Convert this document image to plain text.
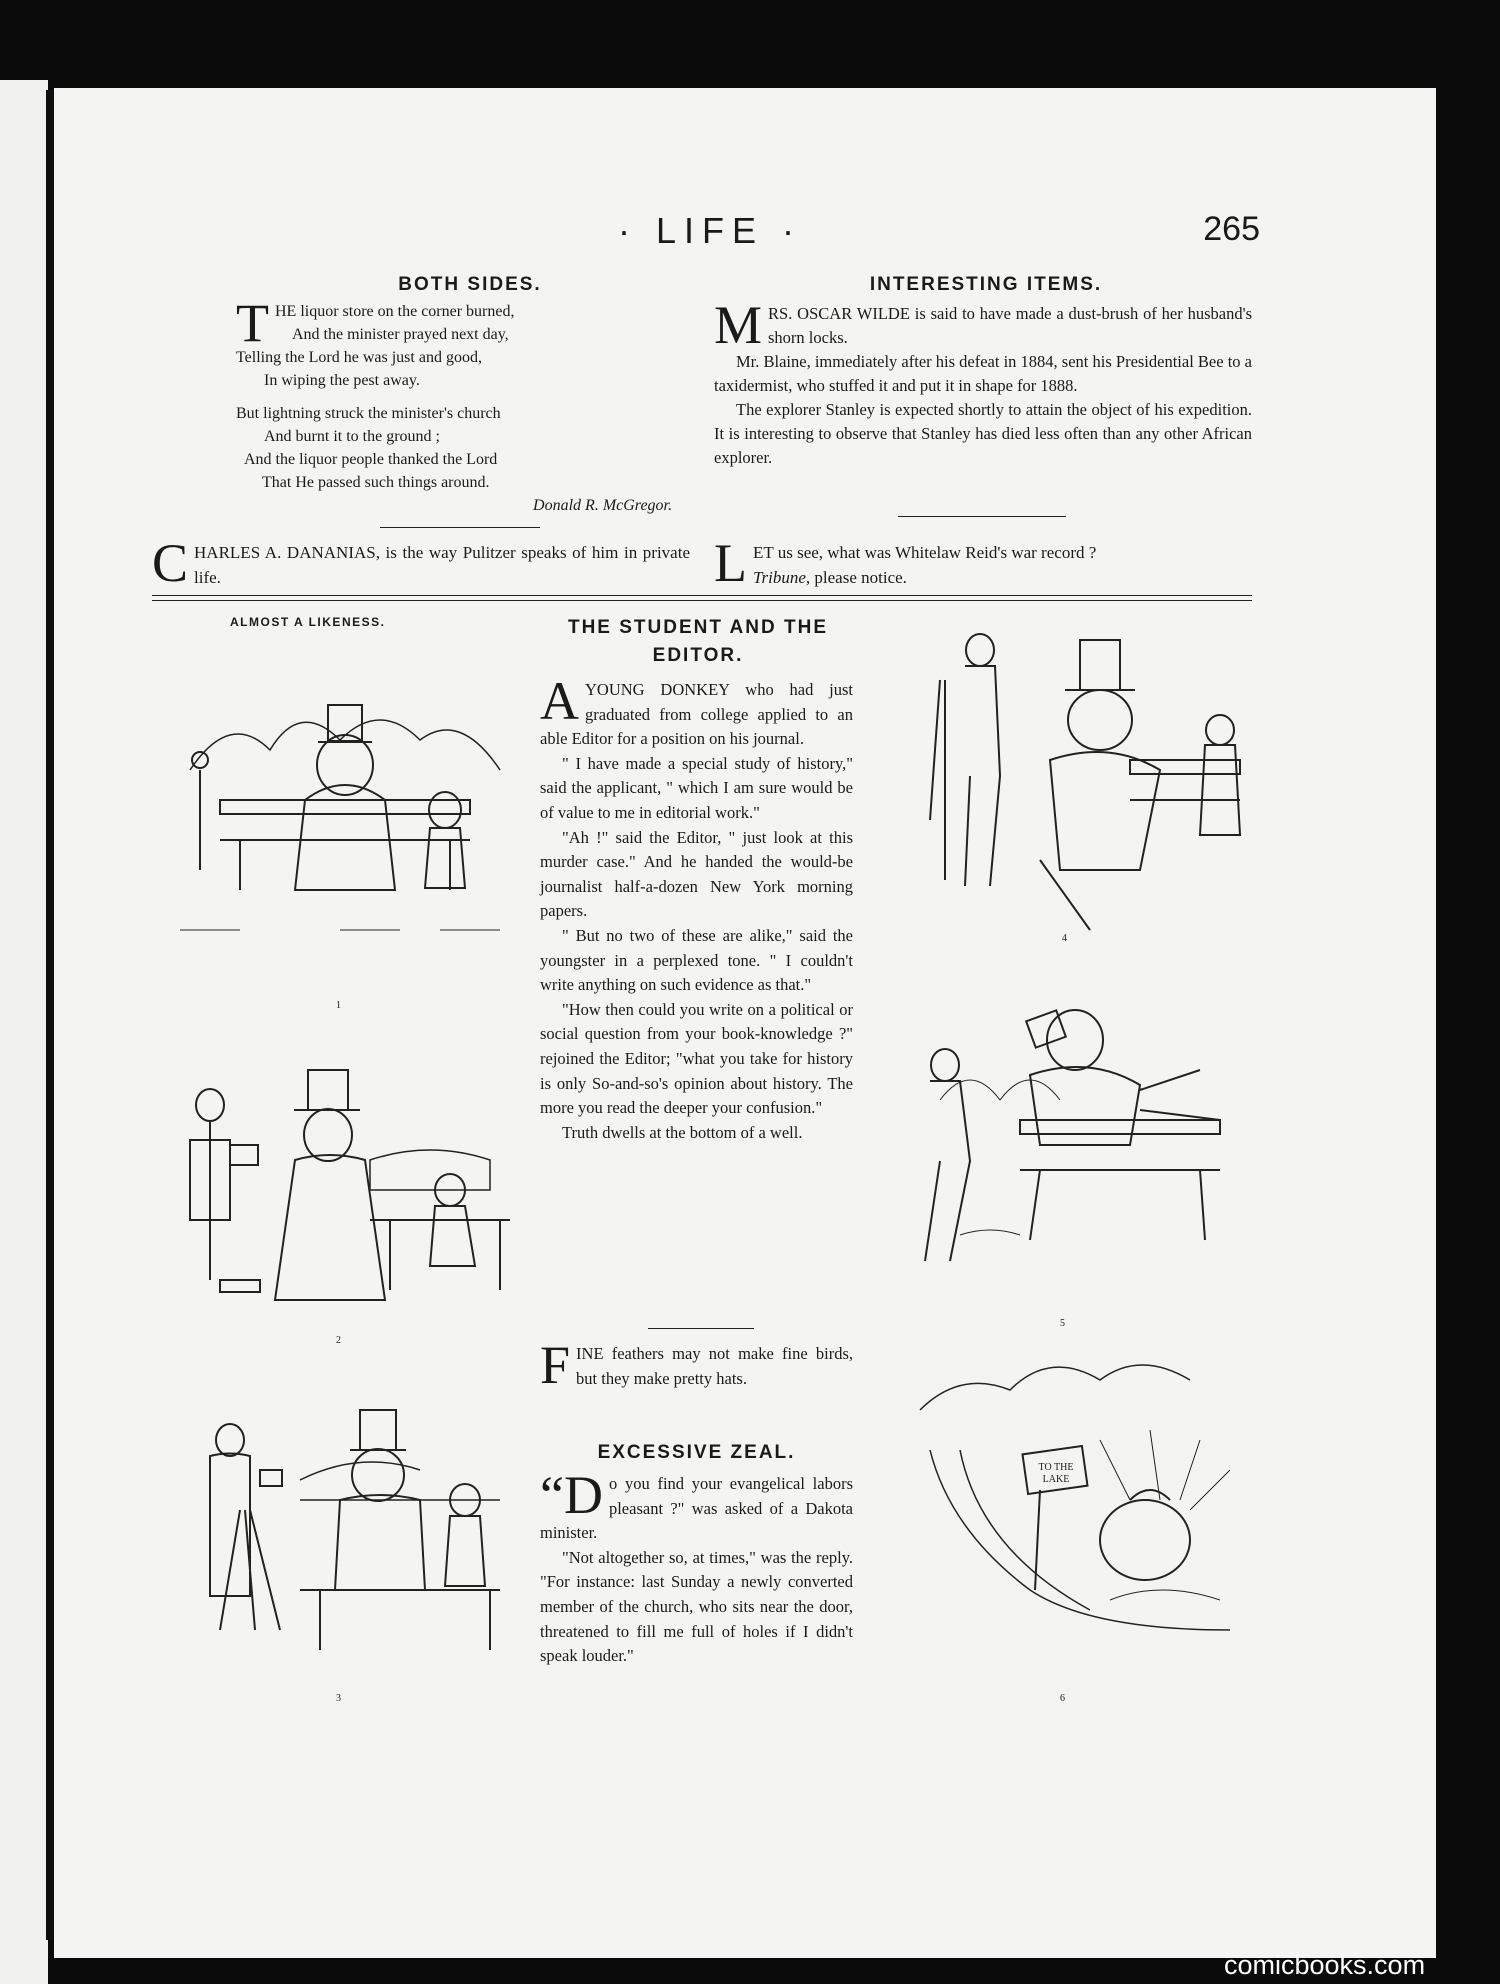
· LIFE ·	265
BOTH SIDES.
T HE liquor store on the corner burned,
And the minister prayed next day,
Telling the Lord he was just and good,
In wiping the pest away.
But lightning struck the minister's church
And burnt it to the ground ;
And the liquor people thanked the Lord
That He passed such things around.
Donald R. McGregor.
INTERESTING ITEMS.

MRS. OSCAR WILDE is said to have made a dust-brush of her husband's shorn locks.

Mr. Blaine, immediately after his defeat in 1884, sent his Presidential Bee to a taxidermist, who stuffed it and put it in shape for 1888.

The explorer Stanley is expected shortly to attain the object of his expedition. It is interesting to observe that Stanley has died less often than any other African explorer.

CHARLES A. DANANIAS, is the way Pulitzer speaks of him in private life.	LET us see, what was Whitelaw Reid's war record ?
Tribune, please notice.

ALMOST A LIKENESS.
1
2
3
4
5
TO THE LAKE
6
THE STUDENT AND THE EDITOR.

AYOUNG DONKEY who had just graduated from college applied to an able Editor for a position on his journal.

" I have made a special study of history," said the applicant, " which I am sure would be of value to me in editorial work."

"Ah !" said the Editor, " just look at this murder case." And he handed the would-be journalist half-a-dozen New York morning papers.

" But no two of these are alike," said the youngster in a perplexed tone. " I couldn't write anything on such evidence as that."

"How then could you write on a political or social question from your book-knowledge ?" rejoined the Editor; "what you take for history is only So-and-so's opinion about history. The more you read the deeper your confusion."

Truth dwells at the bottom of a well.

FINE feathers may not make fine birds, but they make pretty hats.

EXCESSIVE ZEAL.

“Do you find your evangelical labors pleasant ?" was asked of a Dakota minister.

"Not altogether so, at times," was the reply. "For instance: last Sunday a newly converted member of the church, who sits near the door, threatened to fill me full of holes if I didn't speak louder."

comicbooks.com
